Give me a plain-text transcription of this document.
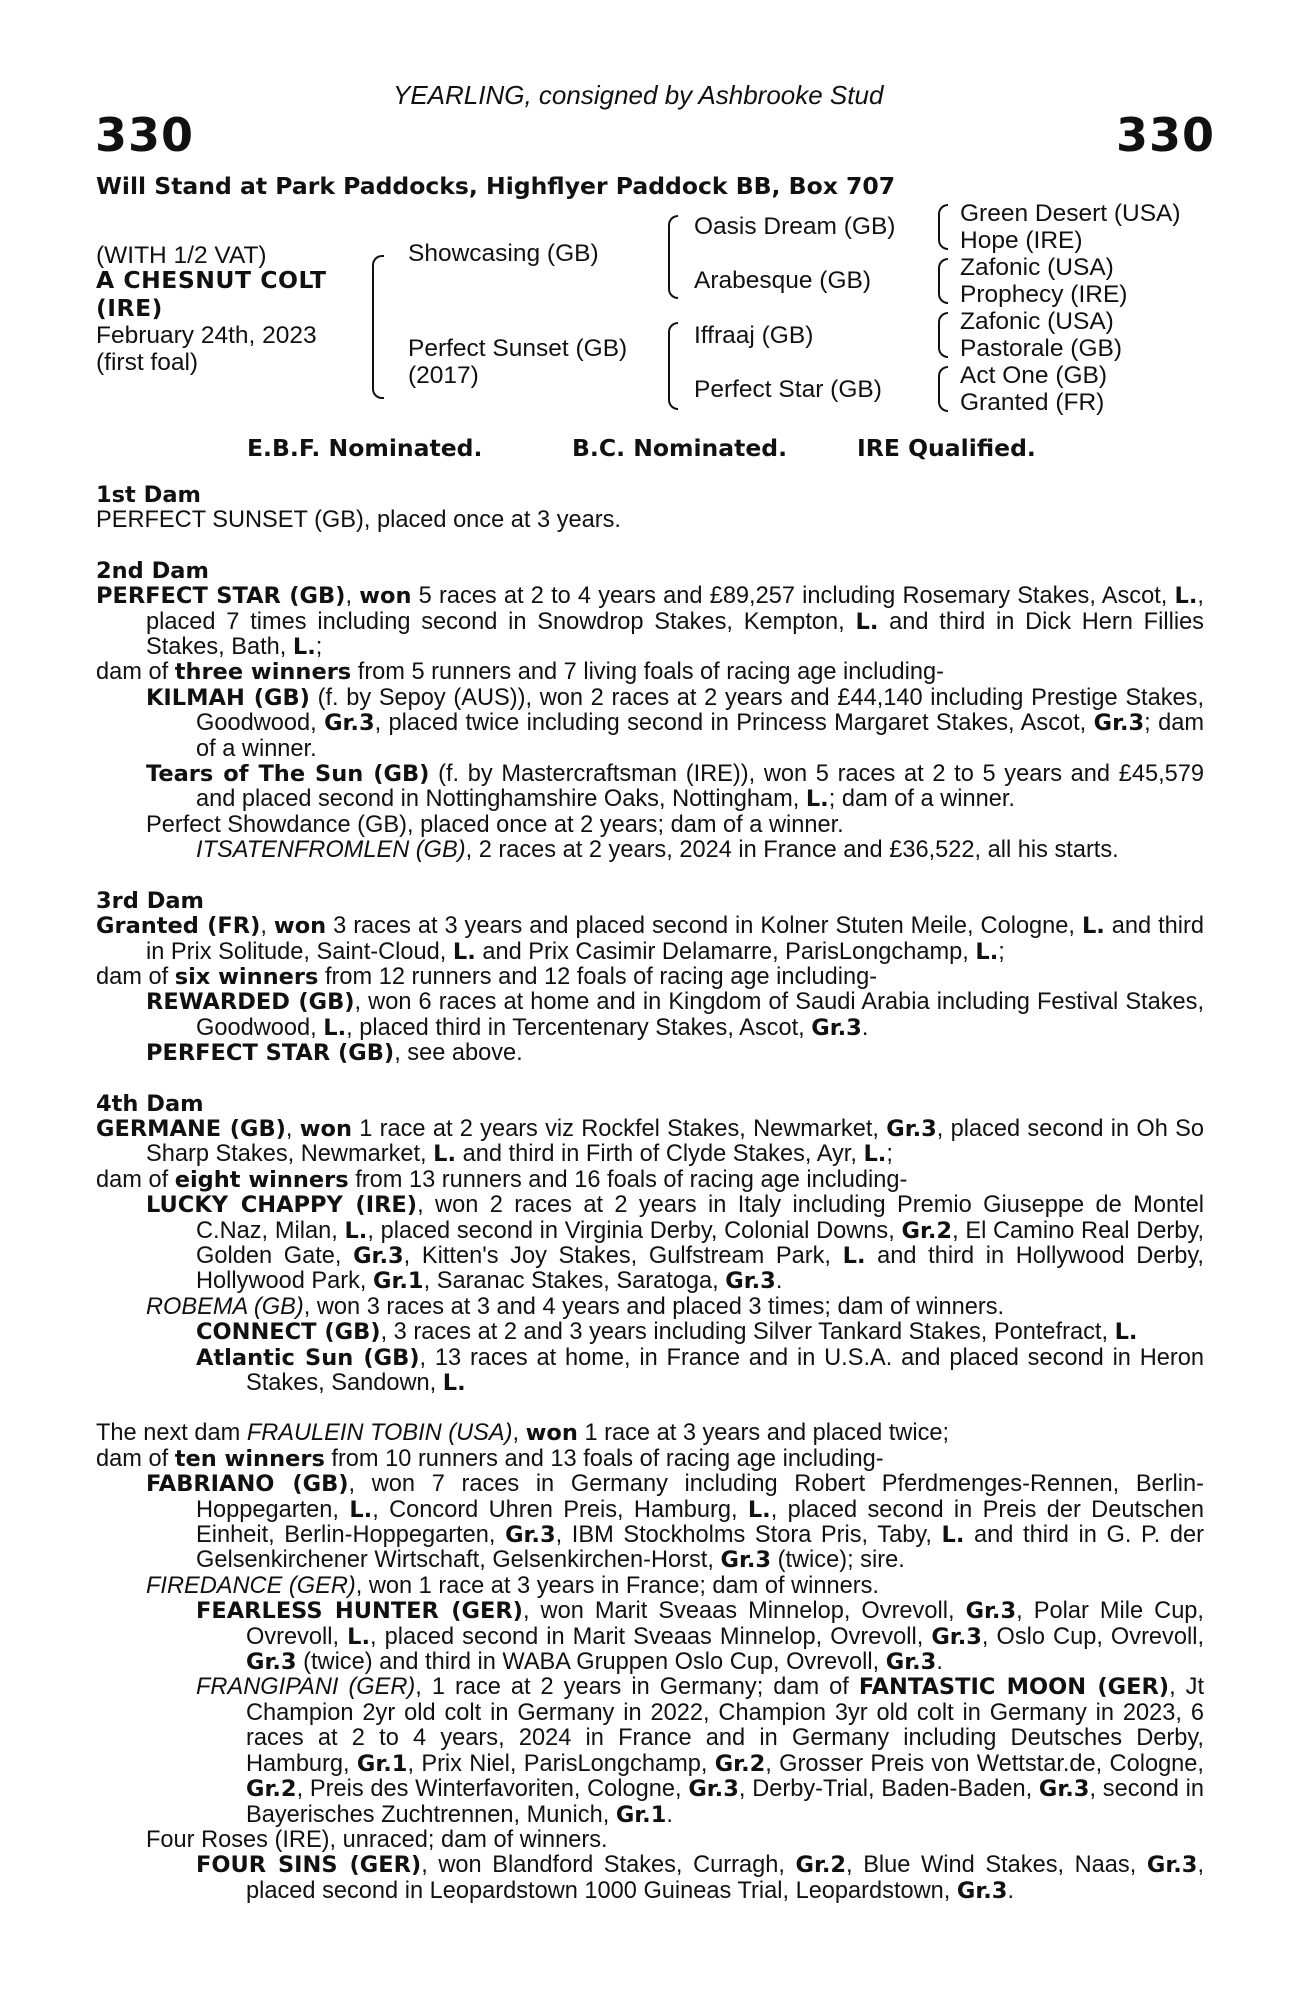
YEARLING, consigned by Ashbrooke Stud
330	330
Will Stand at Park Paddocks, Highflyer Paddock BB, Box 707
(WITH 1/2 VAT)
A CHESNUT COLT
(IRE)
February 24th, 2023
(first foal)
Showcasing (GB)
Perfect Sunset (GB)
(2017)
Oasis Dream (GB)
Arabesque (GB)
Iffraaj (GB)
Perfect Star (GB)
Green Desert (USA)
Hope (IRE)
Zafonic (USA)
Prophecy (IRE)
Zafonic (USA)
Pastorale (GB)
Act One (GB)
Granted (FR)
E.B.F. Nominated.	B.C. Nominated.	IRE Qualified.

1st Dam

PERFECT SUNSET (GB), placed once at 3 years.

2nd Dam

PERFECT STAR (GB), won 5 races at 2 to 4 years and £89,257 including Rosemary Stakes, Ascot, L., placed 7 times including second in Snowdrop Stakes, Kempton, L. and third in Dick Hern Fillies Stakes, Bath, L.;

dam of three winners from 5 runners and 7 living foals of racing age including-

KILMAH (GB) (f. by Sepoy (AUS)), won 2 races at 2 years and £44,140 including Prestige Stakes, Goodwood, Gr.3, placed twice including second in Princess Margaret Stakes, Ascot, Gr.3; dam of a winner.

Tears of The Sun (GB) (f. by Mastercraftsman (IRE)), won 5 races at 2 to 5 years and £45,579 and placed second in Nottinghamshire Oaks, Nottingham, L.; dam of a winner.

Perfect Showdance (GB), placed once at 2 years; dam of a winner.

ITSATENFROMLEN (GB), 2 races at 2 years, 2024 in France and £36,522, all his starts.

3rd Dam

Granted (FR), won 3 races at 3 years and placed second in Kolner Stuten Meile, Cologne, L. and third in Prix Solitude, Saint-Cloud, L. and Prix Casimir Delamarre, ParisLongchamp, L.;

dam of six winners from 12 runners and 12 foals of racing age including-

REWARDED (GB), won 6 races at home and in Kingdom of Saudi Arabia including Festival Stakes, Goodwood, L., placed third in Tercentenary Stakes, Ascot, Gr.3.

PERFECT STAR (GB), see above.

4th Dam

GERMANE (GB), won 1 race at 2 years viz Rockfel Stakes, Newmarket, Gr.3, placed second in Oh So Sharp Stakes, Newmarket, L. and third in Firth of Clyde Stakes, Ayr, L.;

dam of eight winners from 13 runners and 16 foals of racing age including-

LUCKY CHAPPY (IRE), won 2 races at 2 years in Italy including Premio Giuseppe de Montel C.Naz, Milan, L., placed second in Virginia Derby, Colonial Downs, Gr.2, El Camino Real Derby, Golden Gate, Gr.3, Kitten's Joy Stakes, Gulfstream Park, L. and third in Hollywood Derby, Hollywood Park, Gr.1, Saranac Stakes, Saratoga, Gr.3.

ROBEMA (GB), won 3 races at 3 and 4 years and placed 3 times; dam of winners.

CONNECT (GB), 3 races at 2 and 3 years including Silver Tankard Stakes, Pontefract, L.

Atlantic Sun (GB), 13 races at home, in France and in U.S.A. and placed second in Heron Stakes, Sandown, L.

The next dam FRAULEIN TOBIN (USA), won 1 race at 3 years and placed twice;

dam of ten winners from 10 runners and 13 foals of racing age including-

FABRIANO (GB), won 7 races in Germany including Robert Pferdmenges-Rennen, Berlin-Hoppegarten, L., Concord Uhren Preis, Hamburg, L., placed second in Preis der Deutschen Einheit, Berlin-Hoppegarten, Gr.3, IBM Stockholms Stora Pris, Taby, L. and third in G. P. der Gelsenkirchener Wirtschaft, Gelsenkirchen-Horst, Gr.3 (twice); sire.

FIREDANCE (GER), won 1 race at 3 years in France; dam of winners.

FEARLESS HUNTER (GER), won Marit Sveaas Minnelop, Ovrevoll, Gr.3, Polar Mile Cup, Ovrevoll, L., placed second in Marit Sveaas Minnelop, Ovrevoll, Gr.3, Oslo Cup, Ovrevoll, Gr.3 (twice) and third in WABA Gruppen Oslo Cup, Ovrevoll, Gr.3.

FRANGIPANI (GER), 1 race at 2 years in Germany; dam of FANTASTIC MOON (GER), Jt Champion 2yr old colt in Germany in 2022, Champion 3yr old colt in Germany in 2023, 6 races at 2 to 4 years, 2024 in France and in Germany including Deutsches Derby, Hamburg, Gr.1, Prix Niel, ParisLongchamp, Gr.2, Grosser Preis von Wettstar.de, Cologne, Gr.2, Preis des Winterfavoriten, Cologne, Gr.3, Derby-Trial, Baden-Baden, Gr.3, second in Bayerisches Zuchtrennen, Munich, Gr.1.

Four Roses (IRE), unraced; dam of winners.

FOUR SINS (GER), won Blandford Stakes, Curragh, Gr.2, Blue Wind Stakes, Naas, Gr.3, placed second in Leopardstown 1000 Guineas Trial, Leopardstown, Gr.3.
